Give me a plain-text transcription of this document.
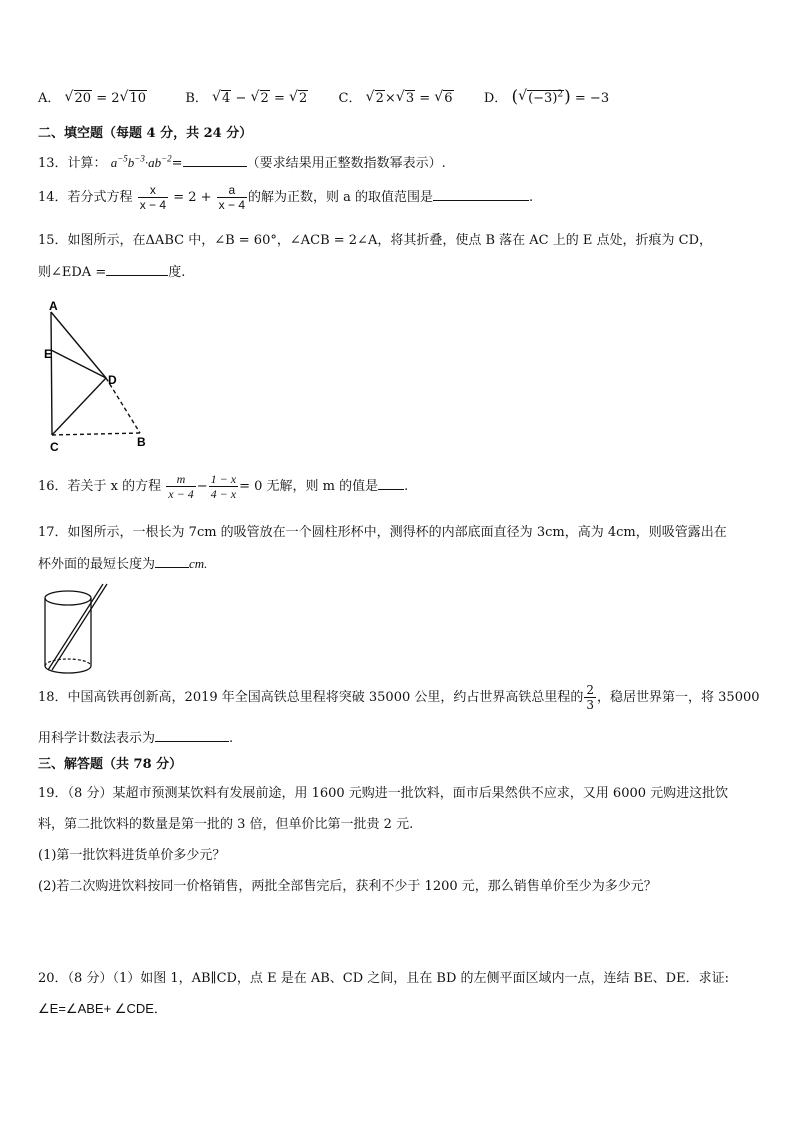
A． √ 20 = 2 √ 10	B． √ 4 − √ 2 = √ 2 C． √ 2× √ 3 = √ 6 D． ( √ $(-3)^2) = -3$
二、填空题（每题 4 分，共 24 分）
13．计算： $a^{-5}b^{-3}\cdot ab^{-2}=$	（要求结果用正整数指数幂表示）.
14．若分式方程 $\frac{x}{x - 4} = 2 + \frac{a}{x - 4}$ 的解为正数，则 a 的取值范围是	.
15．如图所示，在ΔABC 中，∠B = 60°，∠ACB = 2∠A，将其折叠，使点 B 落在 AC 上的 E 点处，折痕为 CD，
则∠EDA =	度.
A
E
D
C	B
16．若关于 x 的方程 $\frac{m}{x - 4} - \frac{1 - x}{4 - x} = 0$ 无解，则 m 的值是 .
17．如图所示，一根长为 7cm 的吸管放在一个圆柱形杯中，测得杯的内部底面直径为 3cm，高为 4cm，则吸管露出在
杯外面的最短长度为	cm.
18．中国高铁再创新高，2019 年全国高铁总里程将突破 35000 公里，约占世界高铁总里程的 $\frac{2}{3}$ ，稳居世界第一，将 35000
用科学计数法表示为	.
三、解答题（共 78 分）
19．（8 分）某超市预测某饮料有发展前途，用 1600 元购进一批饮料，面市后果然供不应求，又用 6000 元购进这批饮
料，第二批饮料的数量是第一批的 3 倍，但单价比第一批贵 2 元.
(1)第一批饮料进货单价多少元？
(2)若二次购进饮料按同一价格销售，两批全部售完后，获利不少于 1200 元，那么销售单价至少为多少元？
20．（8 分）（1）如图 1，AB∥CD，点 E 是在 AB、CD 之间，且在 BD 的左侧平面区域内一点，连结 BE、DE．求证:
∠E=∠ABE+ ∠CDE．
